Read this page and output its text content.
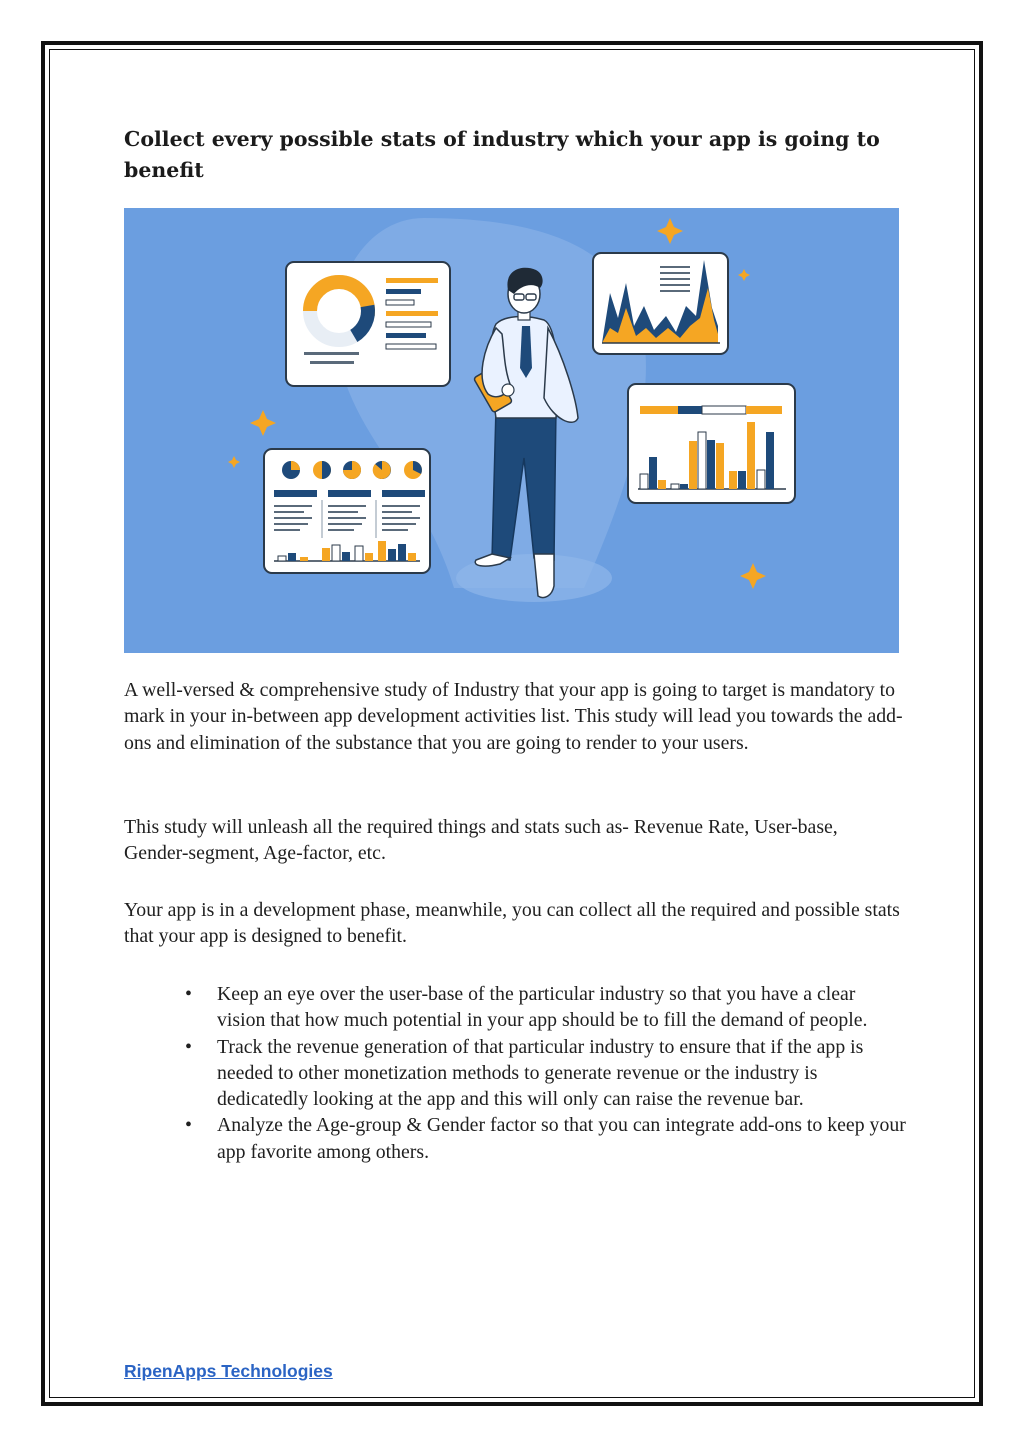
Collect every possible stats of industry which your app is going to benefit

A well-versed & comprehensive study of Industry that your app is going to target is mandatory to mark in your in-between app development activities list. This study will lead you towards the add-ons and elimination of the substance that you are going to render to your users.

This study will unleash all the required things and stats such as- Revenue Rate, User-base, Gender-segment, Age-factor, etc.

Your app is in a development phase, meanwhile, you can collect all the required and possible stats that your app is designed to benefit.

• Keep an eye over the user-base of the particular industry so that you have a clear vision that how much potential in your app should be to fill the demand of people.
• Track the revenue generation of that particular industry to ensure that if the app is needed to other monetization methods to generate revenue or the industry is dedicatedly looking at the app and this will only can raise the revenue bar.
• Analyze the Age-group & Gender factor so that you can integrate add-ons to keep your app favorite among others.
RipenApps Technologies
